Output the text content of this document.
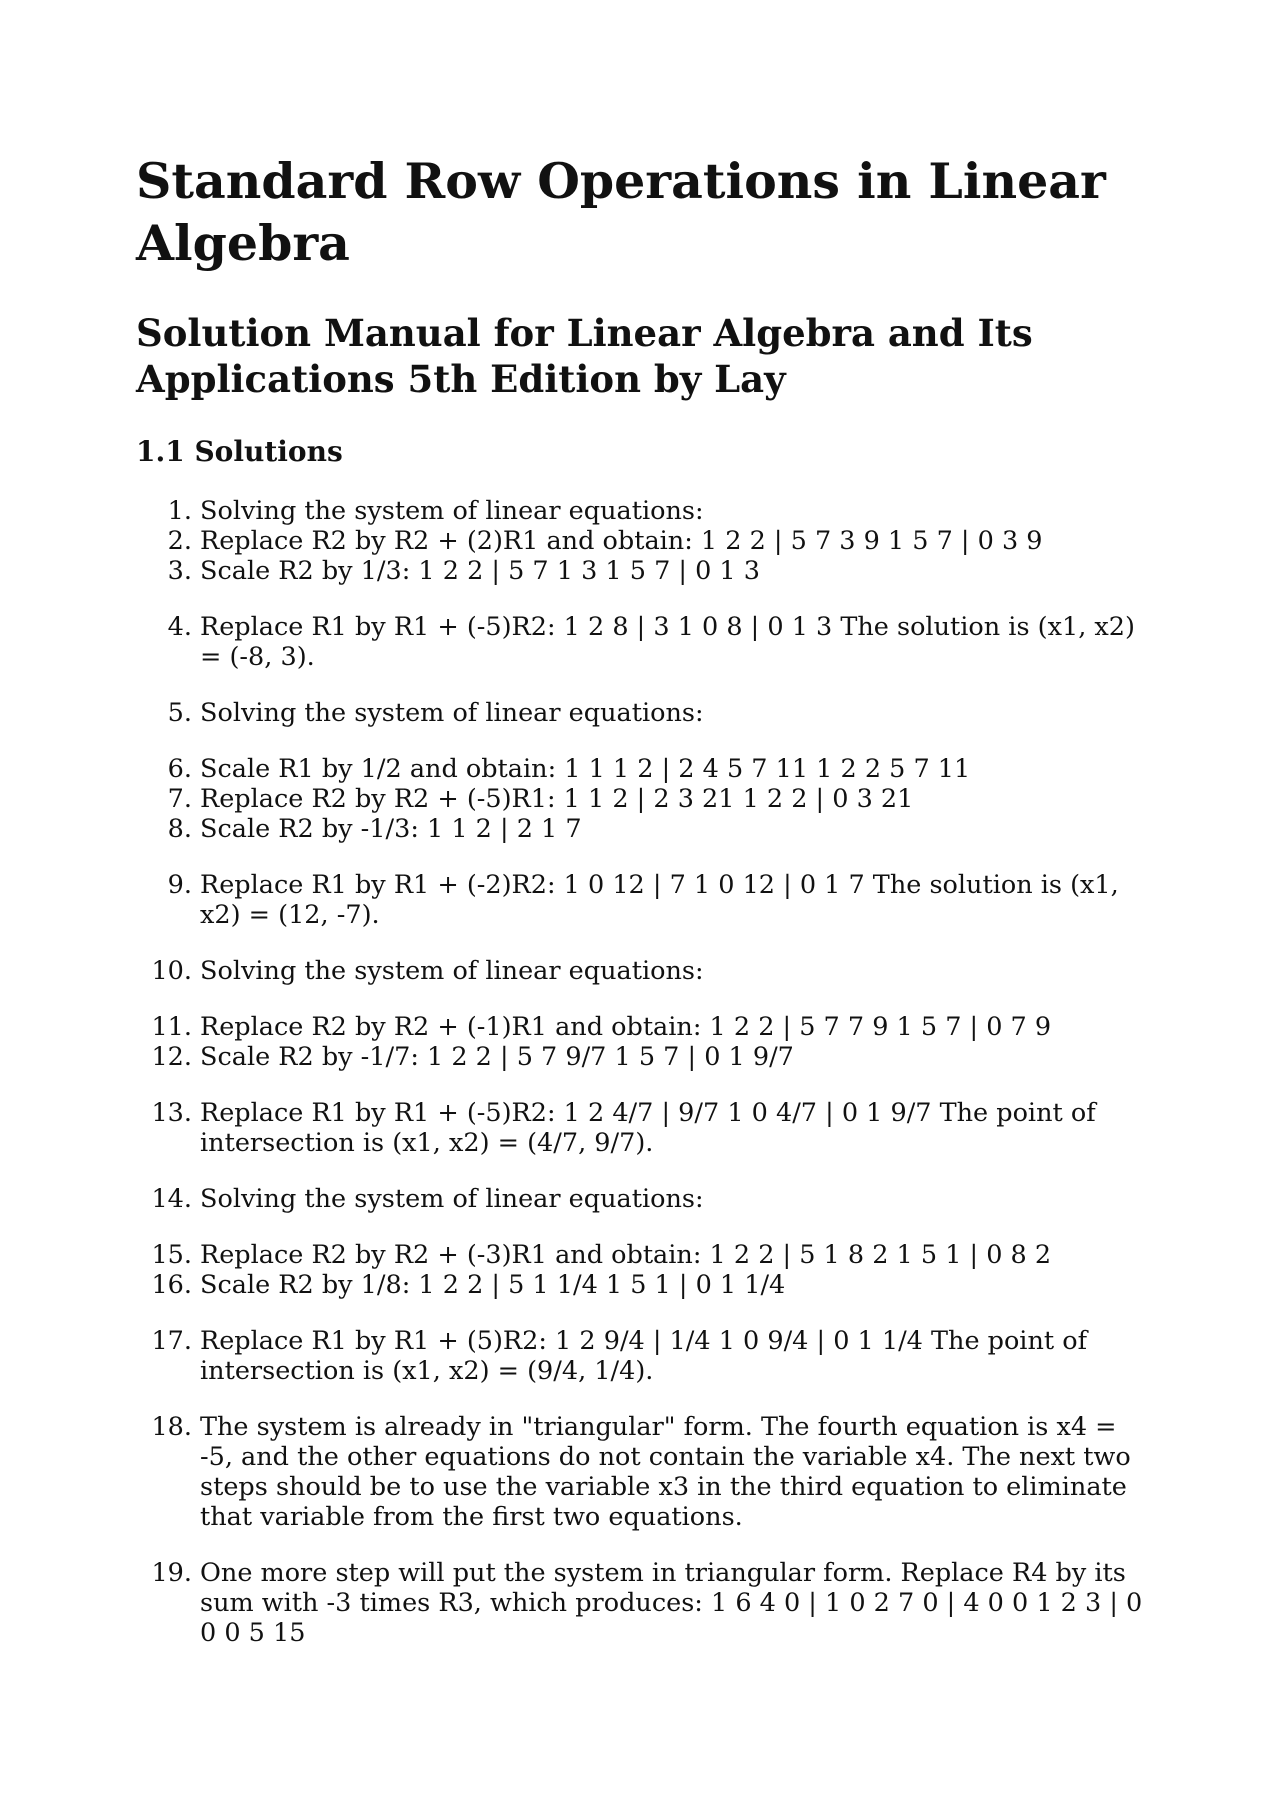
Standard Row Operations in Linear Algebra
Solution Manual for Linear Algebra and Its Applications 5th Edition by Lay
1.1 Solutions
1. Solving the system of linear equations:
2. Replace R2 by R2 + (2)R1 and obtain: 1 2 2 | 5 7 3 9 1 5 7 | 0 3 9
3. Scale R2 by 1/3: 1 2 2 | 5 7 1 3 1 5 7 | 0 1 3
4. Replace R1 by R1 + (-5)R2: 1 2 8 | 3 1 0 8 | 0 1 3 The solution is (x1, x2) = (-8, 3).
5. Solving the system of linear equations:
6. Scale R1 by 1/2 and obtain: 1 1 1 2 | 2 4 5 7 11 1 2 2 5 7 11
7. Replace R2 by R2 + (-5)R1: 1 1 2 | 2 3 21 1 2 2 | 0 3 21
8. Scale R2 by -1/3: 1 1 2 | 2 1 7
9. Replace R1 by R1 + (-2)R2: 1 0 12 | 7 1 0 12 | 0 1 7 The solution is (x1, x2) = (12, -7).
10. Solving the system of linear equations:
11. Replace R2 by R2 + (-1)R1 and obtain: 1 2 2 | 5 7 7 9 1 5 7 | 0 7 9
12. Scale R2 by -1/7: 1 2 2 | 5 7 9/7 1 5 7 | 0 1 9/7
13. Replace R1 by R1 + (-5)R2: 1 2 4/7 | 9/7 1 0 4/7 | 0 1 9/7 The point of intersection is (x1, x2) = (4/7, 9/7).
14. Solving the system of linear equations:
15. Replace R2 by R2 + (-3)R1 and obtain: 1 2 2 | 5 1 8 2 1 5 1 | 0 8 2
16. Scale R2 by 1/8: 1 2 2 | 5 1 1/4 1 5 1 | 0 1 1/4
17. Replace R1 by R1 + (5)R2: 1 2 9/4 | 1/4 1 0 9/4 | 0 1 1/4 The point of intersection is (x1, x2) = (9/4, 1/4).
18. The system is already in "triangular" form. The fourth equation is x4 = -5, and the other equations do not contain the variable x4. The next two steps should be to use the variable x3 in the third equation to eliminate that variable from the first two equations.
19. One more step will put the system in triangular form. Replace R4 by its sum with -3 times R3, which produces: 1 6 4 0 | 1 0 2 7 0 | 4 0 0 1 2 3 | 0 0 0 5 15
